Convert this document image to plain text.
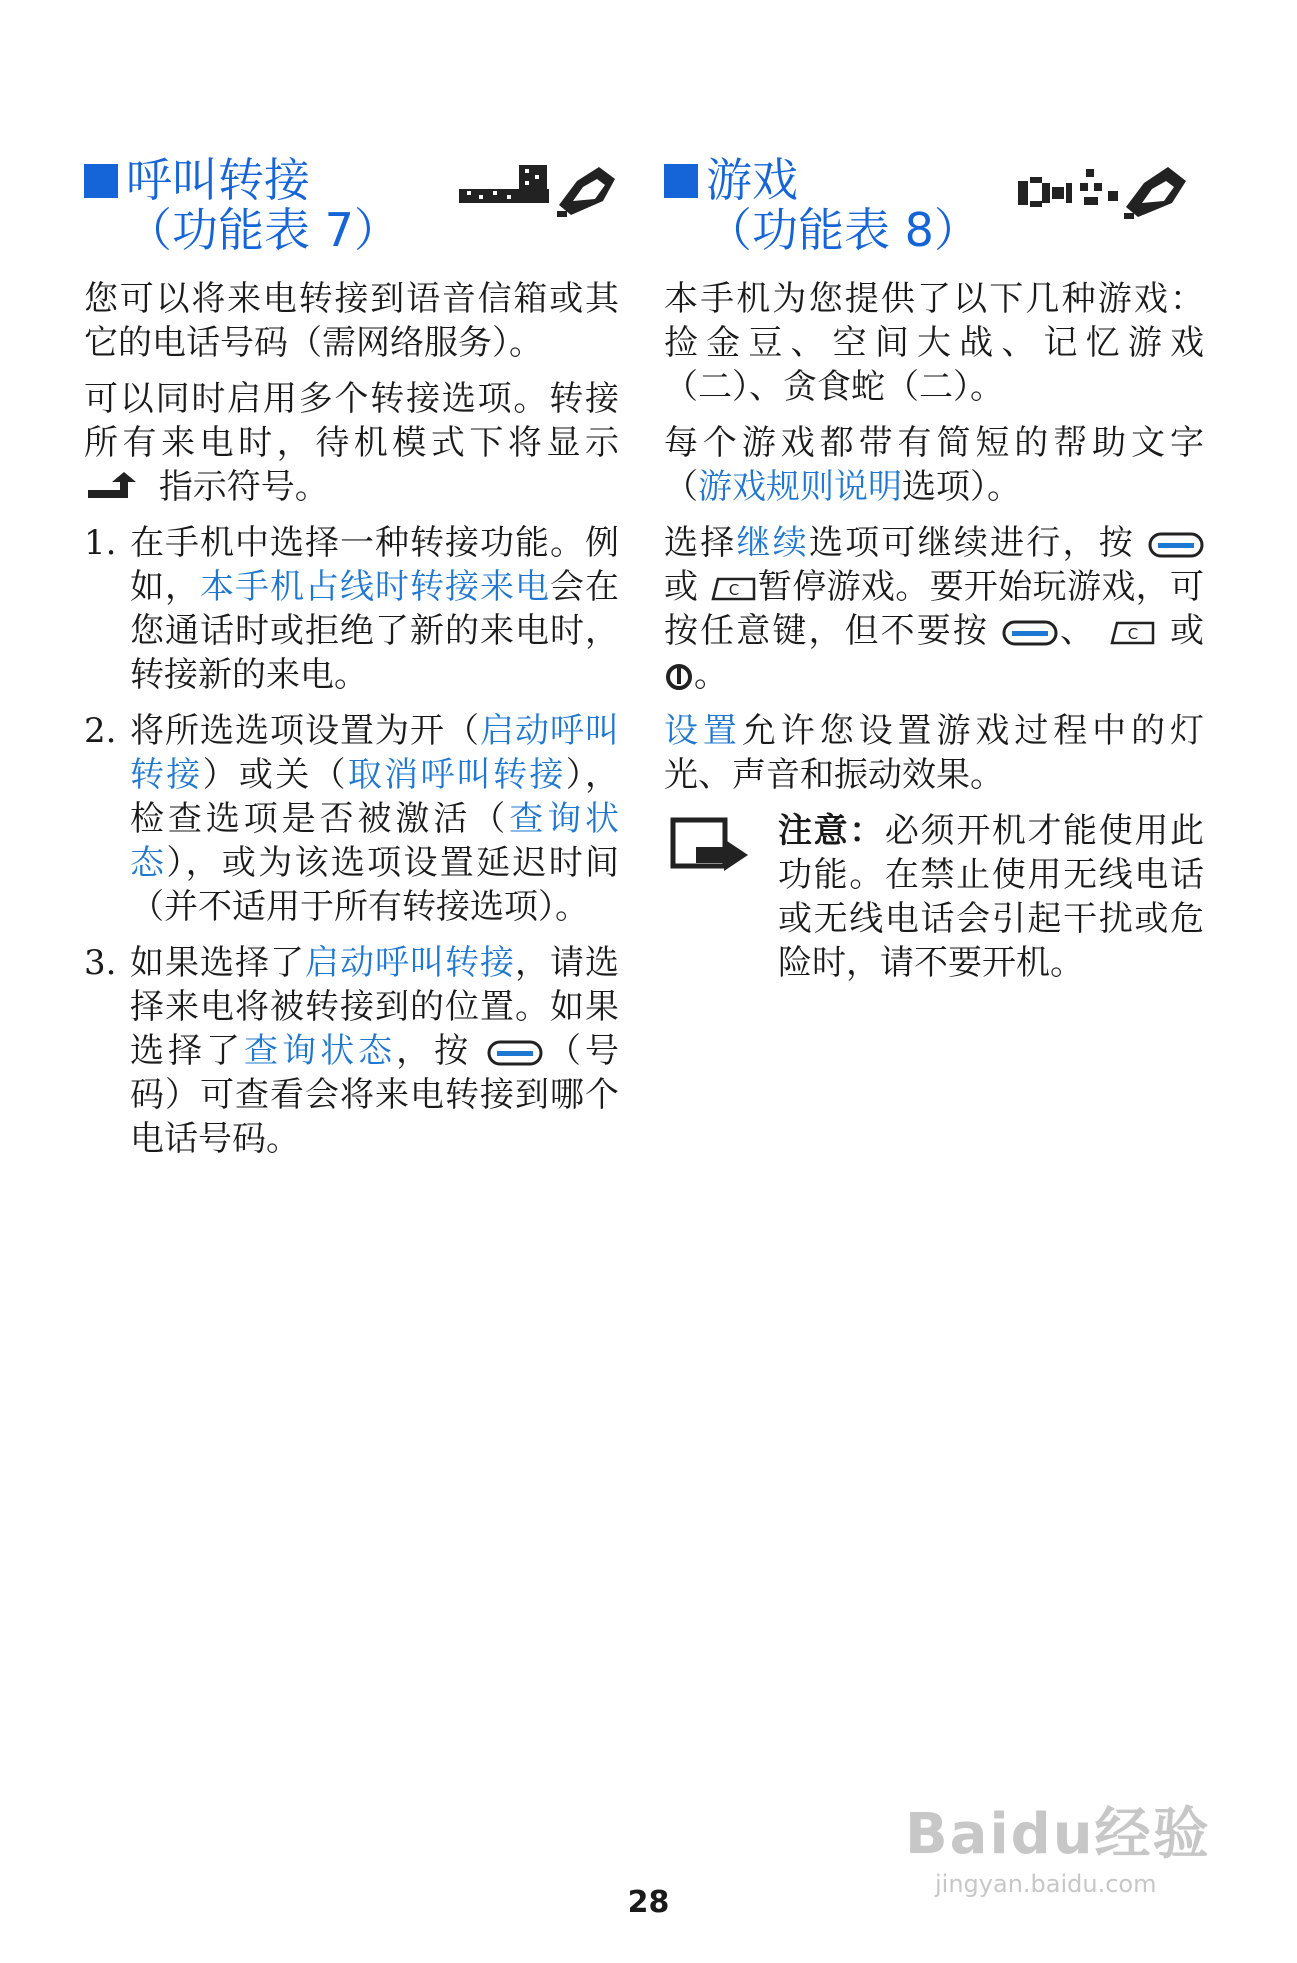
呼叫转接
（功能表 7）

您可以将来电转接到语音信箱或其它的电话号码（需网络服务）。

可以同时启用多个转接选项。转接所有来电时，待机模式下将显示  指示符号。

1. 在手机中选择一种转接功能。例如，本手机占线时转接来电会在您通话时或拒绝了新的来电时，转接新的来电。
2. 将所选选项设置为开（启动呼叫转接）或关（取消呼叫转接），检查选项是否被激活（查询状态），或为该选项设置延迟时间（并不适用于所有转接选项）。
3. 如果选择了启动呼叫转接，请选择来电将被转接到的位置。如果选择了查询状态，按 （号码）可查看会将来电转接到哪个电话号码。
游戏
（功能表 8）

本手机为您提供了以下几种游戏：捡金豆、空间大战、记忆游戏（二）、贪食蛇（二）。

每个游戏都带有简短的帮助文字（游戏规则说明选项）。

选择继续选项可继续进行，按  或 C 暂停游戏。要开始玩游戏，可按任意键，但不要按 、 C 或 。

设置允许您设置游戏过程中的灯光、声音和振动效果。

注意：必须开机才能使用此功能。在禁止使用无线电话或无线电话会引起干扰或危险时，请不要开机。

Baidu经验
jingyan.baidu.com
28
